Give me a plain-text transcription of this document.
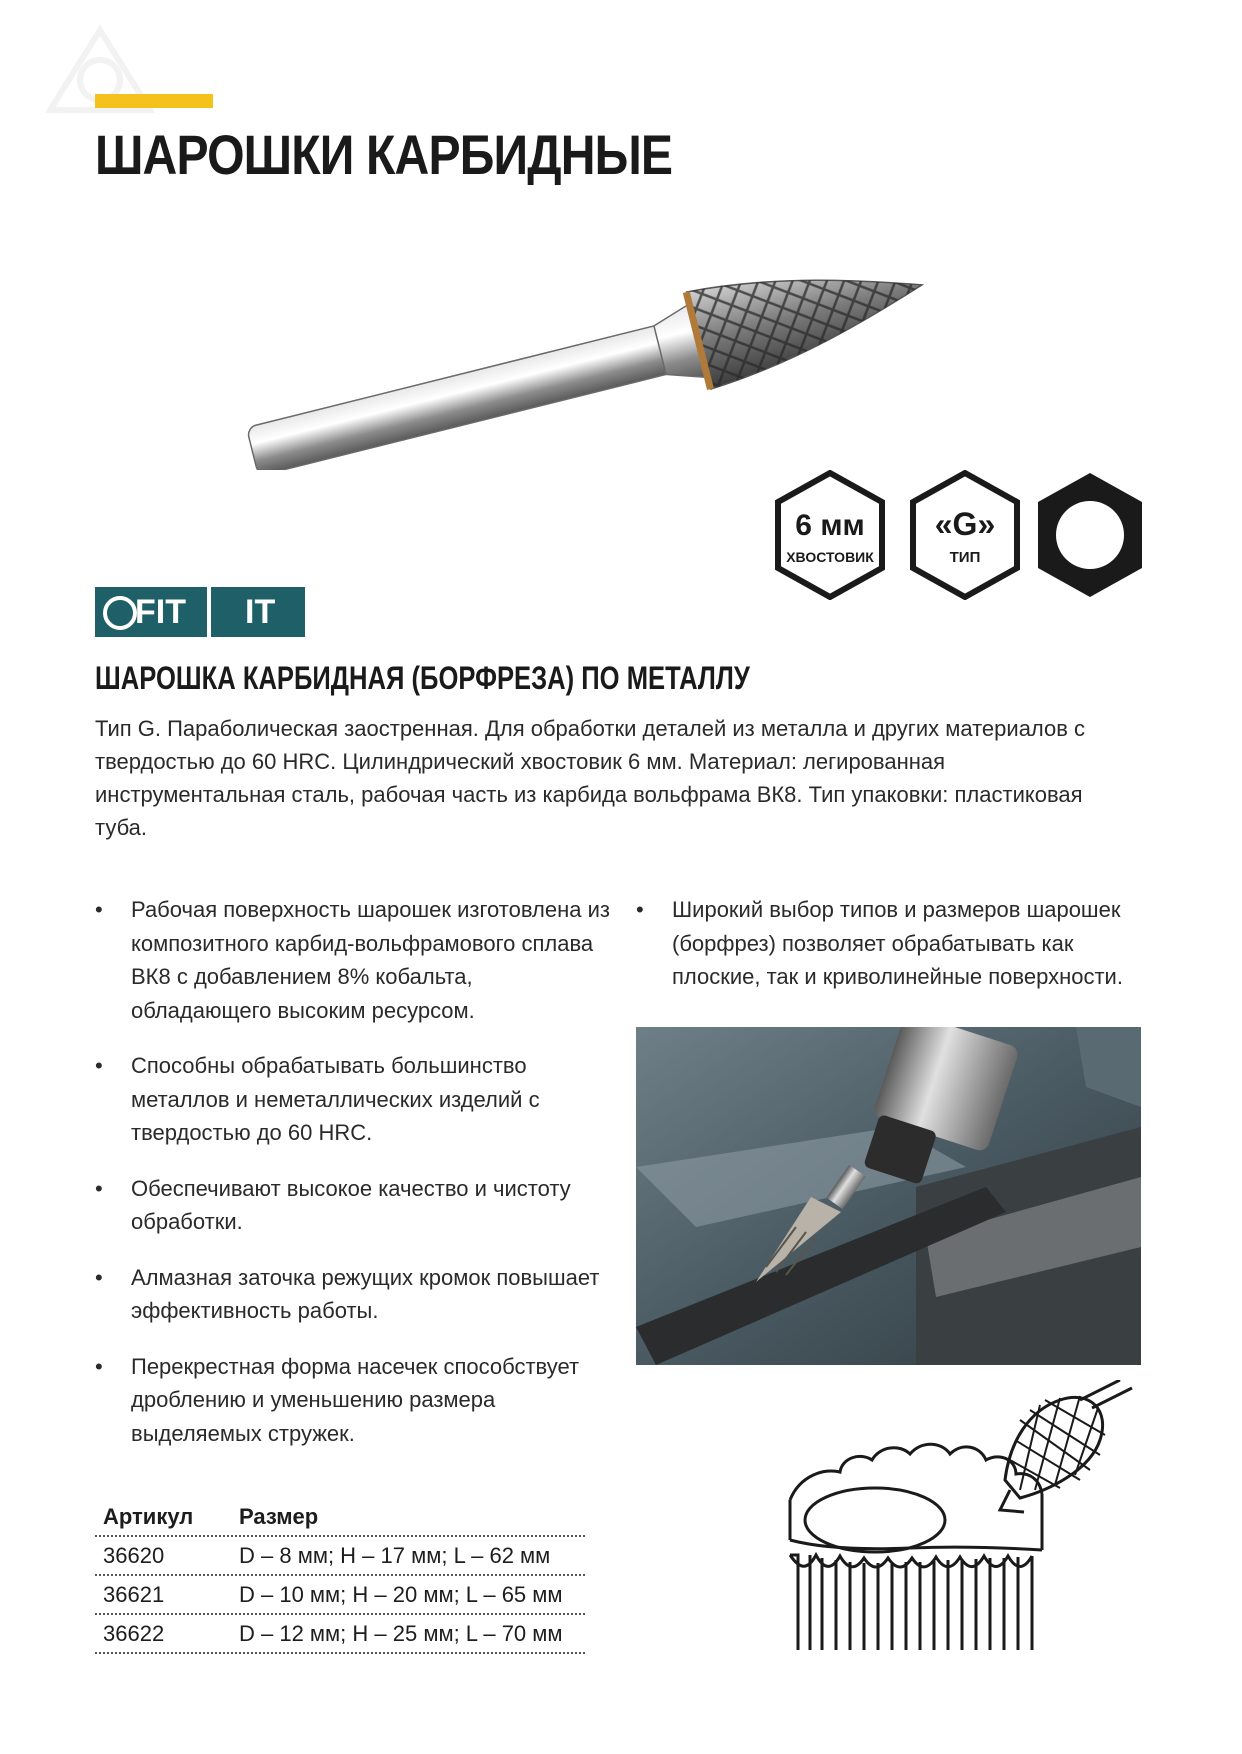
ШАРОШКИ КАРБИДНЫЕ
6 мм
ХВОСТОВИК
«G»
ТИП
FIT IT
ШАРОШКА КАРБИДНАЯ (БОРФРЕЗА) ПО МЕТАЛЛУ

Тип G. Параболическая заостренная. Для обработки деталей из металла и других материалов с твердостью до 60 HRC. Цилиндрический хвостовик 6 мм. Материал: легированная инструментальная сталь, рабочая часть из карбида вольфрама ВК8. Тип упаковки: пластиковая туба.

• Рабочая поверхность шарошек изготовлена из композитного карбид-вольфрамового сплава ВК8 с добавлением 8% кобальта, обладающего высоким ресурсом.
• Способны обрабатывать большинство металлов и неметаллических изделий с твердостью до 60 HRC.
• Обеспечивают высокое качество и чистоту обработки.
• Алмазная заточка режущих кромок повышает эффективность работы.
• Перекрестная форма насечек способствует дроблению и уменьшению размера выделяемых стружек.
• Широкий выбор типов и размеров шарошек (борфрез) позволяет обрабатывать как плоские, так и криволинейные поверхности.
Артикул	Размер
36620	D – 8 мм; H – 17 мм; L – 62 мм
36621	D – 10 мм; H – 20 мм; L – 65 мм
36622	D – 12 мм; H – 25 мм; L – 70 мм
